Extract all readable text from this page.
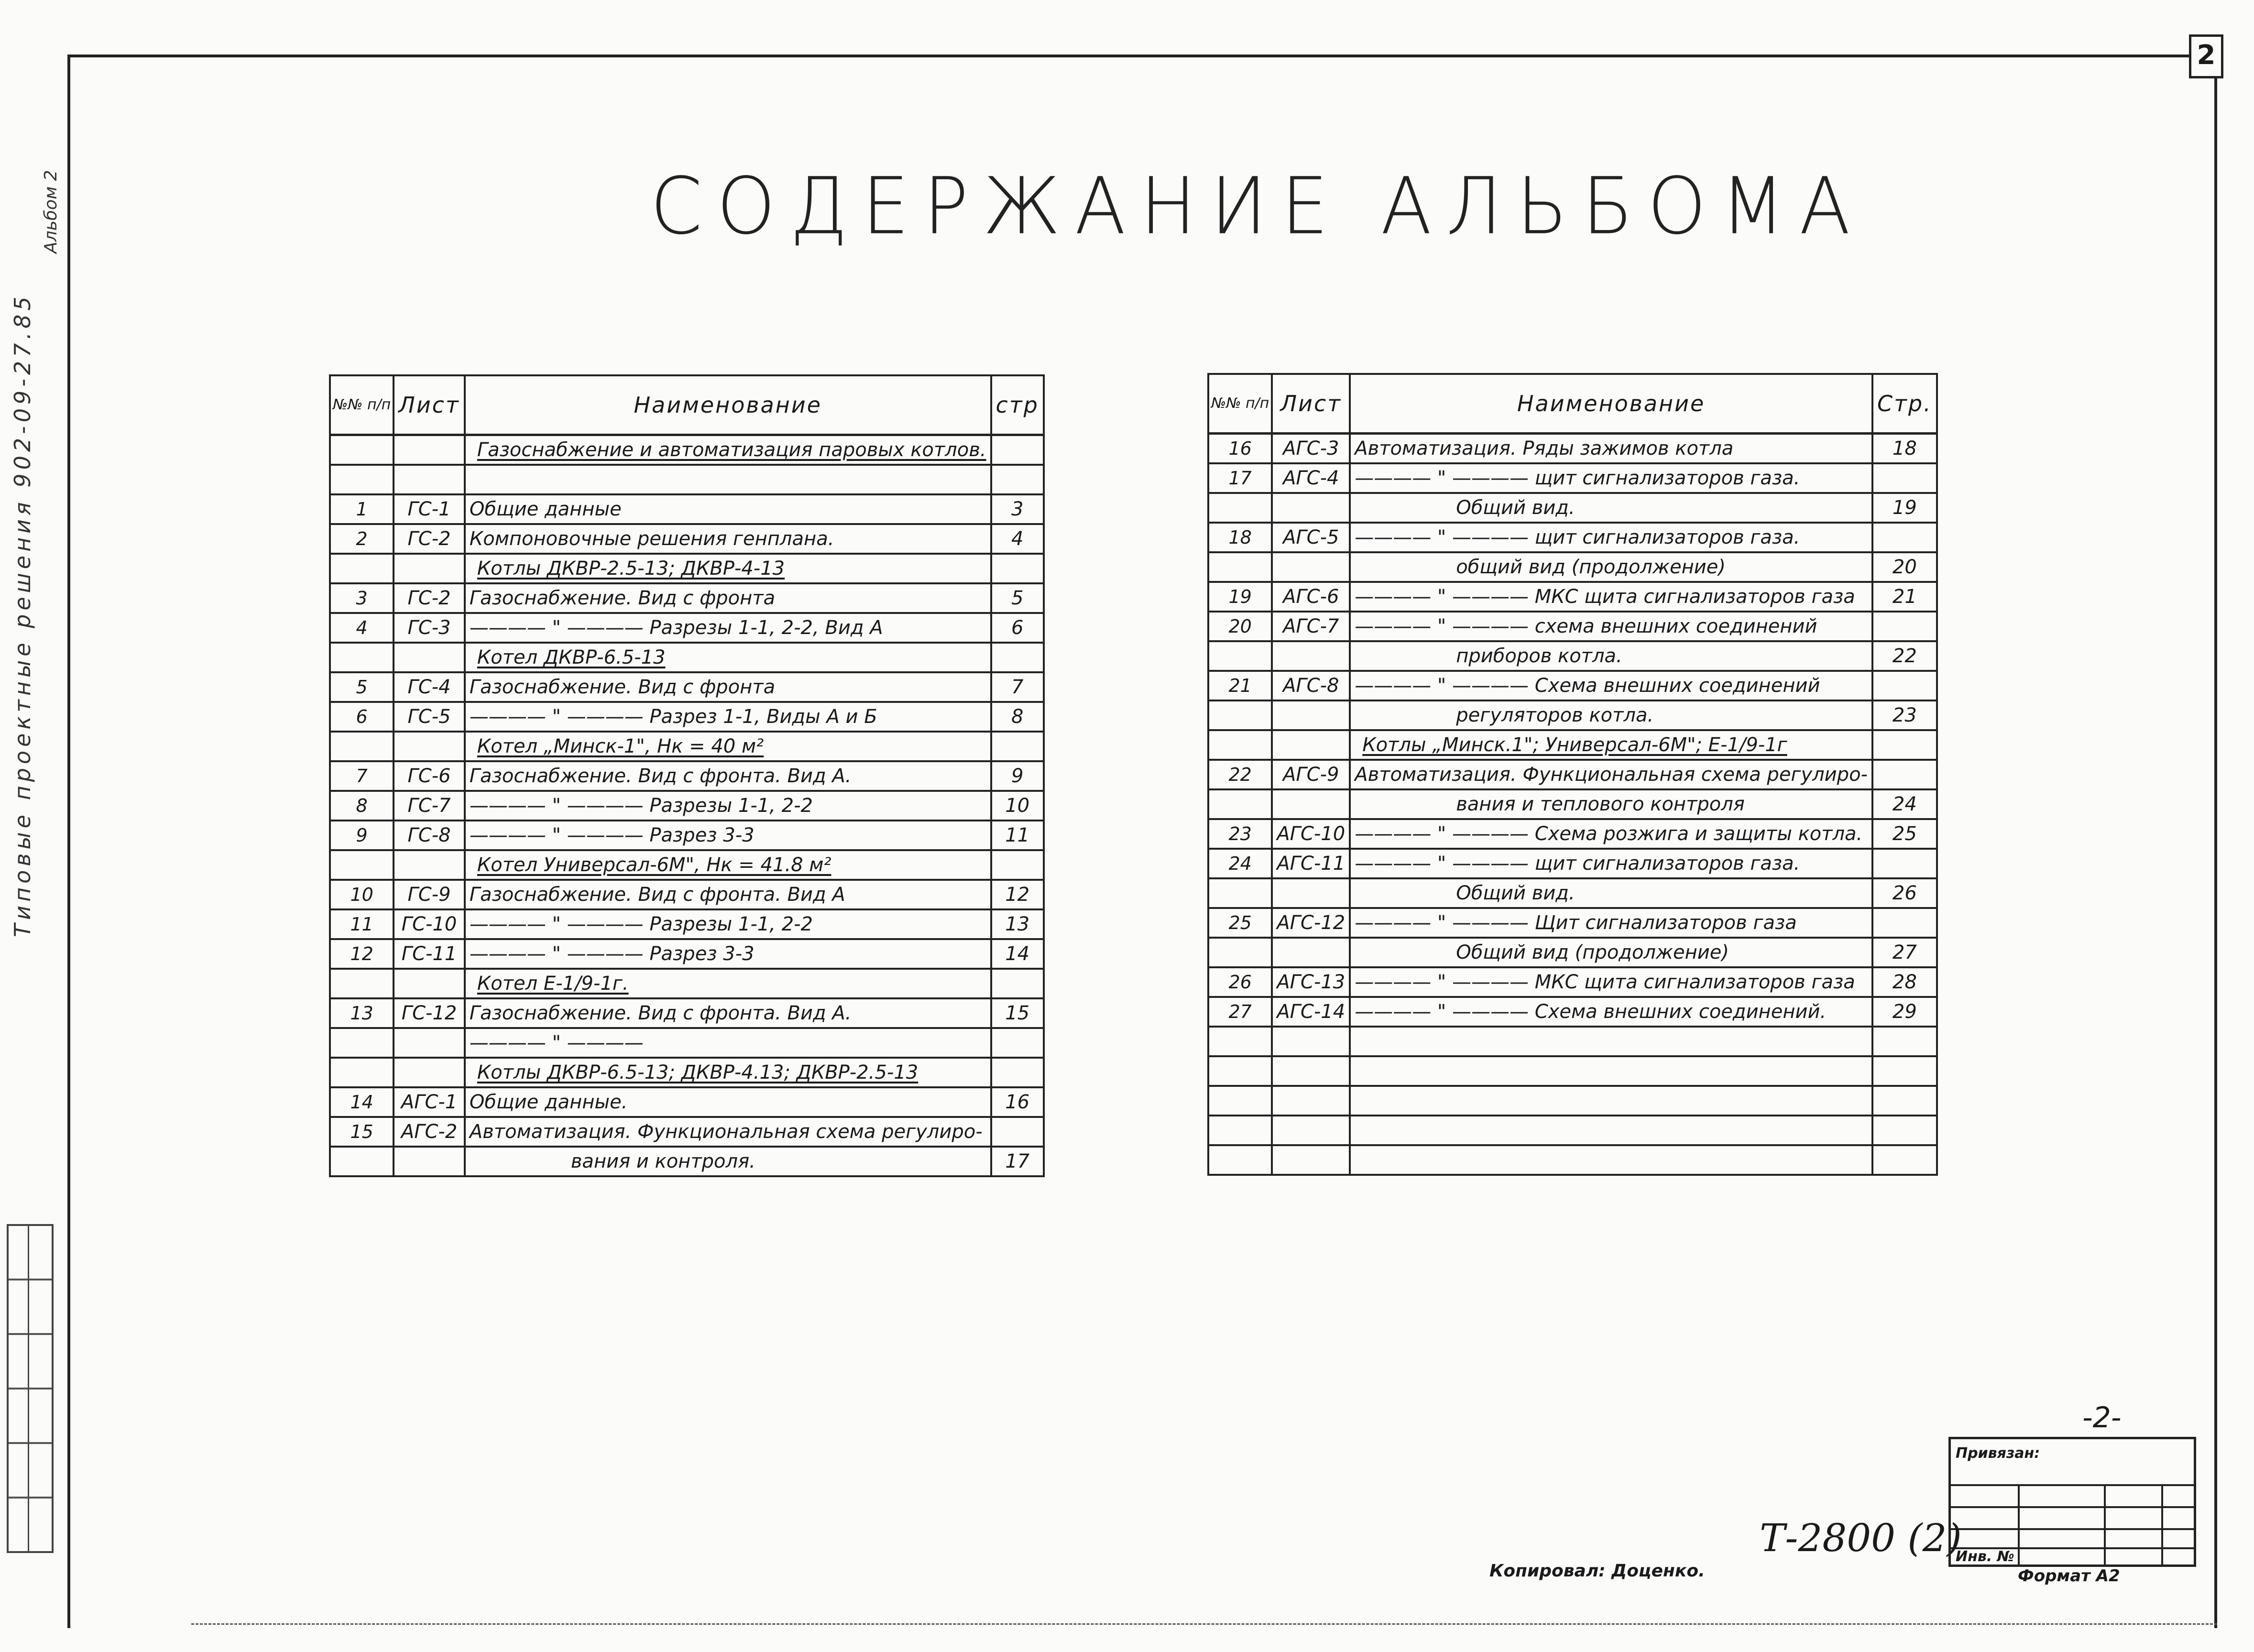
2
Альбом 2
Типовые проектные решения 902-09-27.85
СОДЕРЖАНИЕ АЛЬБОМА
№№ п/п	Лист	Наименование	стр
		Газоснабжение и автоматизация паровых котлов.	

1	ГС-1	Общие данные	3
2	ГС-2	Компоновочные решения генплана.	4
		Котлы ДКВР-2.5-13; ДКВР-4-13	
3	ГС-2	Газоснабжение. Вид с фронта	5
4	ГС-3	———— " ———— Разрезы 1-1, 2-2, Вид А	6
		Котел ДКВР-6.5-13	
5	ГС-4	Газоснабжение. Вид с фронта	7
6	ГС-5	———— " ———— Разрез 1-1, Виды А и Б	8
		Котел „Минск-1", Нк = 40 м²	
7	ГС-6	Газоснабжение. Вид с фронта. Вид А.	9
8	ГС-7	———— " ———— Разрезы 1-1, 2-2	10
9	ГС-8	———— " ———— Разрез 3-3	11
		Котел Универсал-6М", Нк = 41.8 м²	
10	ГС-9	Газоснабжение. Вид с фронта. Вид А	12
11	ГС-10	———— " ———— Разрезы 1-1, 2-2	13
12	ГС-11	———— " ———— Разрез 3-3	14
		Котел Е-1/9-1г.	
13	ГС-12	Газоснабжение. Вид с фронта. Вид А.	15
		———— " ————	
		Котлы ДКВР-6.5-13; ДКВР-4.13; ДКВР-2.5-13	
14	АГС-1	Общие данные.	16
15	АГС-2	Автоматизация. Функциональная схема регулиро-	
		вания и контроля.	17
№№ п/п	Лист	Наименование	Стр.
16	АГС-3	Автоматизация. Ряды зажимов котла	18
17	АГС-4	———— " ———— щит сигнализаторов газа.	
		Общий вид.	19
18	АГС-5	———— " ———— щит сигнализаторов газа.	
		общий вид (продолжение)	20
19	АГС-6	———— " ———— МКС щита сигнализаторов газа	21
20	АГС-7	———— " ———— схема внешних соединений	
		приборов котла.	22
21	АГС-8	———— " ———— Схема внешних соединений	
		регуляторов котла.	23
		Котлы „Минск.1"; Универсал-6М"; Е-1/9-1г	
22	АГС-9	Автоматизация. Функциональная схема регулиро-	
		вания и теплового контроля	24
23	АГС-10	———— " ———— Схема розжига и защиты котла.	25
24	АГС-11	———— " ———— щит сигнализаторов газа.	
		Общий вид.	26
25	АГС-12	———— " ———— Щит сигнализаторов газа	
		Общий вид (продолжение)	27
26	АГС-13	———— " ———— МКС щита сигнализаторов газа	28
27	АГС-14	———— " ———— Схема внешних соединений.	29

-2-
Привязан:
Инв. №
Т-2800 (2)
Копировал: Доценко.	Формат А2
